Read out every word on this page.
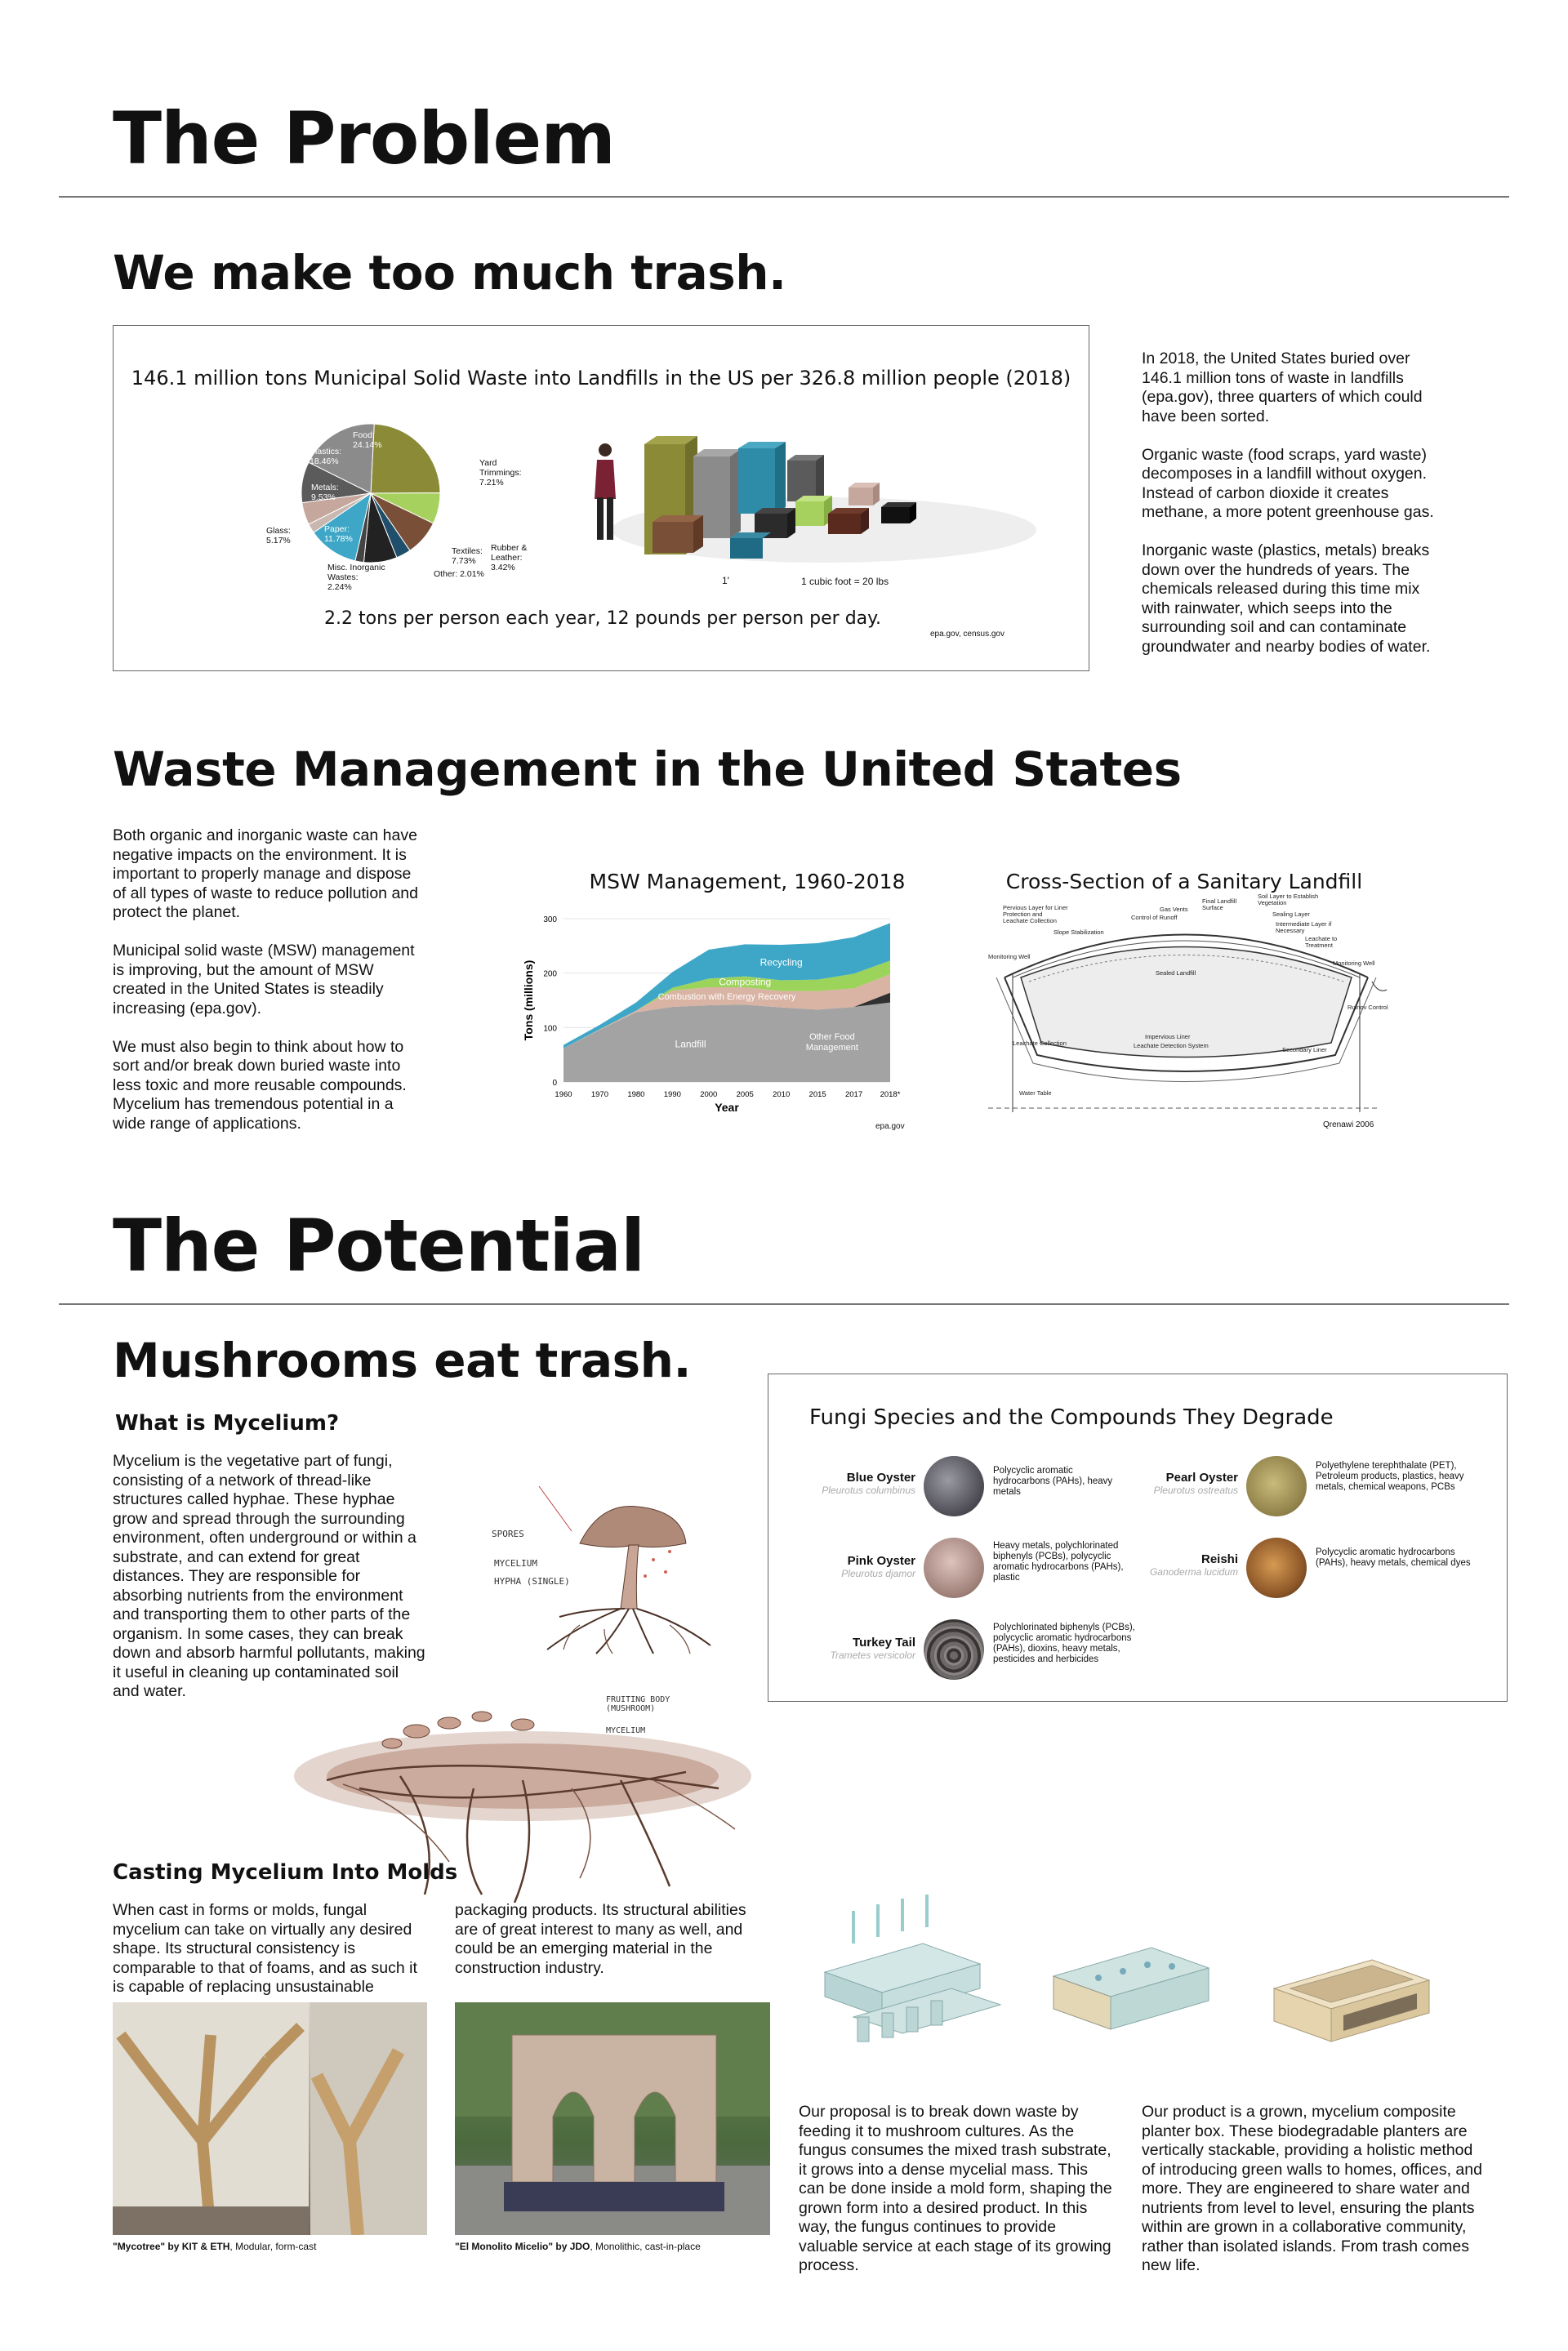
The Problem
We make too much trash.
146.1 million tons Municipal Solid Waste into Landfills in the US per 326.8 million people (2018)
Food:
24.14%
Plastics:
18.46%
Metals:
9.53%
Yard Trimmings:
7.21%
Wood:
8.32%
Paper:
11.78%
Misc. Inorganic Wastes:
2.24%
Glass:
5.17%
Textiles:
7.73%
Rubber & Leather:
3.42%
Other: 2.01%
1'	1 cubic foot = 20 lbs
2.2 tons per person each year, 12 pounds per person per day.
epa.gov, census.gov
In 2018, the United States buried over 146.1 million tons of waste in landfills (epa.gov), three quarters of which could have been sorted.

Organic waste (food scraps, yard waste) decomposes in a landfill without oxygen. Instead of carbon dioxide it creates methane, a more potent greenhouse gas.

Inorganic waste (plastics, metals) breaks down over the hundreds of years. The chemicals released during this time mix with rainwater, which seeps into the surrounding soil and can contaminate groundwater and nearby bodies of water.
Waste Management in the United States
Both organic and inorganic waste can have negative impacts on the environment. It is important to properly manage and dispose of all types of waste to reduce pollution and protect the planet.

Municipal solid waste (MSW) management is improving, but the amount of MSW created in the United States is steadily increasing (epa.gov).

We must also begin to think about how to sort and/or break down buried waste into less toxic and more reusable compounds. Mycelium has tremendous potential in a wide range of applications.
MSW Management, 1960-2018
0
100
200
300
1960 1970 1980 1990 2000 2005 2010 2015 2017 2018*
Landfill
Other Food
Management
Combustion with Energy Recovery
Composting
Recycling
Year
Tons (millions)
epa.gov
Cross-Section of a Sanitary Landfill
Pervious Layer for Liner Protection and Leachate Collection	Control of Runoff
Gas Vents
Final Landfill Surface
Soil Layer to Establish Vegetation
Sealing Layer
Intermediate Layer if Necessary
Leachate to Treatment
Slope Stabilization
Monitoring Well
Monitoring Well
Ruinov Control
Leachate Collection
Impervious Liner
Leachate Detection System
Secondary Liner
Water Table
Sealed Landfill
Qrenawi 2006
The Potential
Mushrooms eat trash.
What is Mycelium?
Mycelium is the vegetative part of fungi, consisting of a network of thread-like structures called hyphae. These hyphae grow and spread through the surrounding environment, often underground or within a substrate, and can extend for great distances. They are responsible for absorbing nutrients from the environment and transporting them to other parts of the organism. In some cases, they can break down and absorb harmful pollutants, making it useful in cleaning up contaminated soil and water.
SPORES
MYCELIUM
HYPHA (SINGLE)
FRUITING BODY (MUSHROOM)
MYCELIUM
Fungi Species and the Compounds They Degrade
Blue Oyster
Pleurotus columbinus
Polycyclic aromatic hydrocarbons (PAHs), heavy metals
Pearl Oyster
Pleurotus ostreatus
Polyethylene terephthalate (PET), Petroleum products, plastics, heavy metals, chemical weapons, PCBs
Pink Oyster
Pleurotus djamor
Heavy metals, polychlorinated biphenyls (PCBs), polycyclic aromatic hydrocarbons (PAHs), plastic
Reishi
Ganoderma lucidum
Polycyclic aromatic hydrocarbons (PAHs), heavy metals, chemical dyes
Turkey Tail
Trametes versicolor
Polychlorinated biphenyls (PCBs), polycyclic aromatic hydrocarbons (PAHs), dioxins, heavy metals, pesticides and herbicides
Casting Mycelium Into Molds
When cast in forms or molds, fungal mycelium can take on virtually any desired shape. Its structural consistency is comparable to that of foams, and as such it is capable of replacing unsustainable
packaging products. Its structural abilities are of great interest to many as well, and could be an emerging material in the construction industry.
"Mycotree" by KIT & ETH, Modular, form-cast	"El Monolito Micelio" by JDO, Monolithic, cast-in-place
Our proposal is to break down waste by feeding it to mushroom cultures. As the fungus consumes the mixed trash substrate, it grows into a dense mycelial mass. This can be done inside a mold form, shaping the grown form into a desired product. In this way, the fungus continues to provide valuable service at each stage of its growing process.
Our product is a grown, mycelium composite planter box. These biodegradable planters are vertically stackable, providing a holistic method of introducing green walls to homes, offices, and more. They are engineered to share water and nutrients from level to level, ensuring the plants within are grown in a collaborative community, rather than isolated islands. From trash comes new life.
